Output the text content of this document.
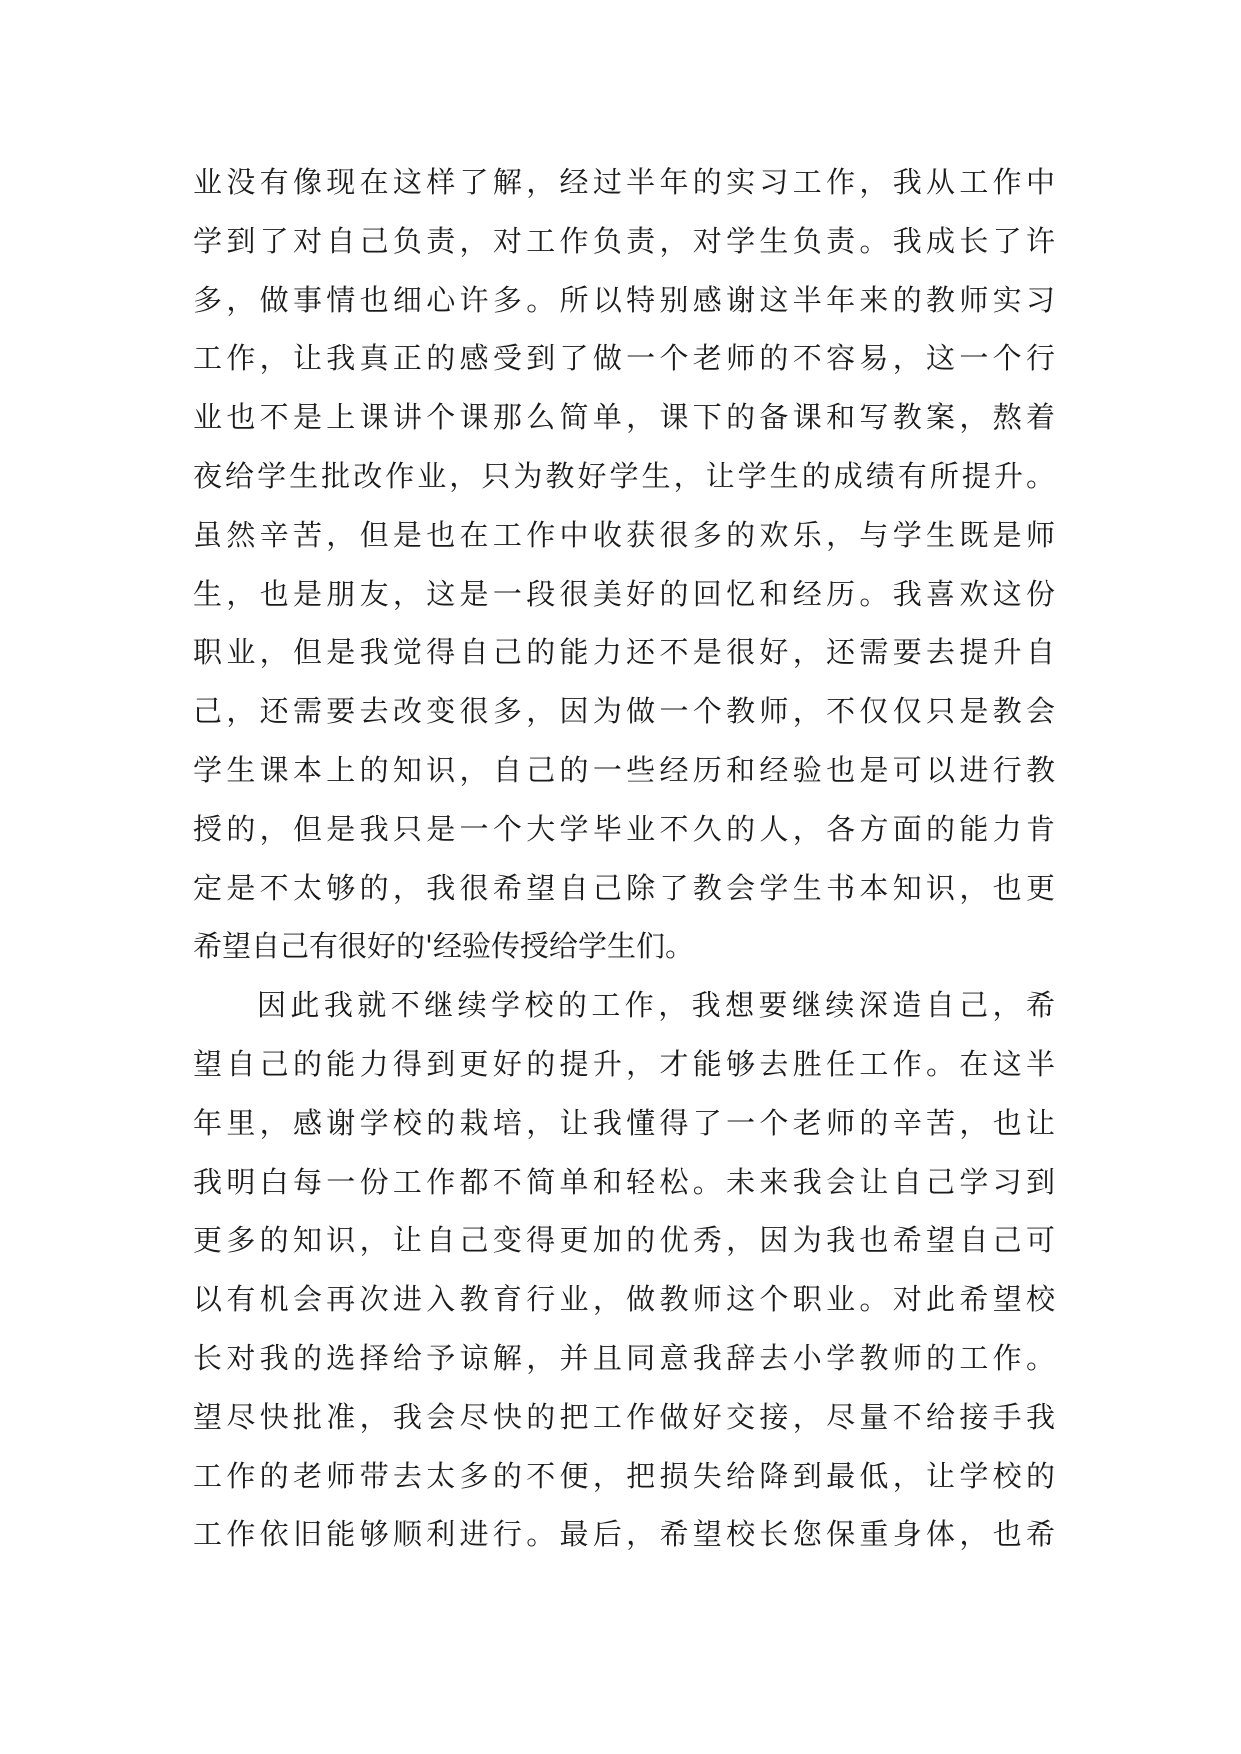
业没有像现在这样了解，经过半年的实习工作，我从工作中
学到了对自己负责，对工作负责，对学生负责。我成长了许
多，做事情也细心许多。所以特别感谢这半年来的教师实习
工作，让我真正的感受到了做一个老师的不容易，这一个行
业也不是上课讲个课那么简单，课下的备课和写教案，熬着
夜给学生批改作业，只为教好学生，让学生的成绩有所提升。
虽然辛苦，但是也在工作中收获很多的欢乐，与学生既是师
生，也是朋友，这是一段很美好的回忆和经历。我喜欢这份
职业，但是我觉得自己的能力还不是很好，还需要去提升自
己，还需要去改变很多，因为做一个教师，不仅仅只是教会
学生课本上的知识，自己的一些经历和经验也是可以进行教
授的，但是我只是一个大学毕业不久的人，各方面的能力肯
定是不太够的，我很希望自己除了教会学生书本知识，也更
希望自己有很好的'经验传授给学生们。
因此我就不继续学校的工作，我想要继续深造自己，希
望自己的能力得到更好的提升，才能够去胜任工作。在这半
年里，感谢学校的栽培，让我懂得了一个老师的辛苦，也让
我明白每一份工作都不简单和轻松。未来我会让自己学习到
更多的知识，让自己变得更加的优秀，因为我也希望自己可
以有机会再次进入教育行业，做教师这个职业。对此希望校
长对我的选择给予谅解，并且同意我辞去小学教师的工作。
望尽快批准，我会尽快的把工作做好交接，尽量不给接手我
工作的老师带去太多的不便，把损失给降到最低，让学校的
工作依旧能够顺利进行。最后，希望校长您保重身体，也希
